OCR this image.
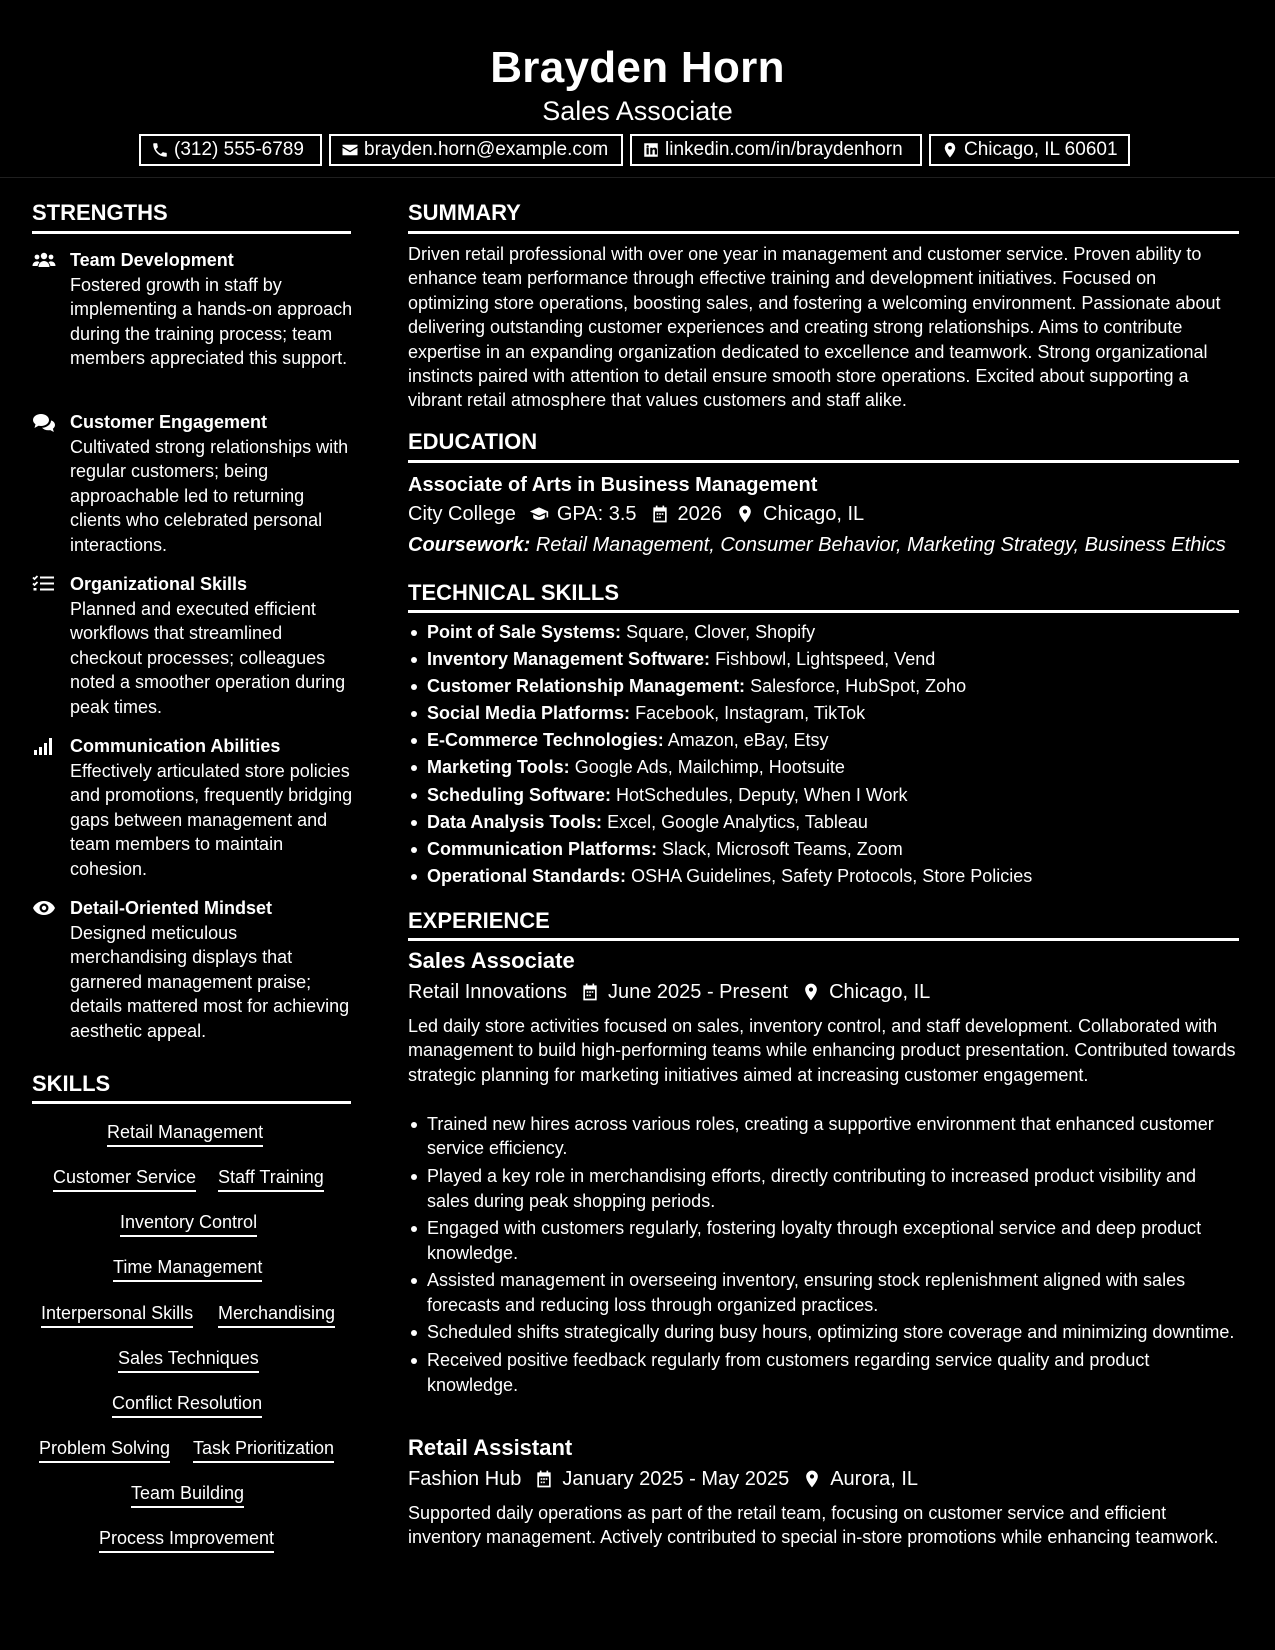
Brayden Horn
Sales Associate
(312) 555-6789	brayden.horn@example.com	linkedin.com/in/braydenhorn	Chicago, IL 60601
STRENGTHS
Team Development
Fostered growth in staff by implementing a hands-on approach during the training process; team members appreciated this support.
Customer Engagement
Cultivated strong relationships with regular customers; being approachable led to returning clients who celebrated personal interactions.
Organizational Skills
Planned and executed efficient workflows that streamlined checkout processes; colleagues noted a smoother operation during peak times.
Communication Abilities
Effectively articulated store policies and promotions, frequently bridging gaps between management and team members to maintain cohesion.
Detail-Oriented Mindset
Designed meticulous merchandising displays that garnered management praise; details mattered most for achieving aesthetic appeal.
SKILLS
Retail Management
Customer Service Staff Training
Inventory Control
Time Management
Interpersonal Skills Merchandising
Sales Techniques
Conflict Resolution
Problem Solving Task Prioritization
Team Building
Process Improvement
SUMMARY
Driven retail professional with over one year in management and customer service. Proven ability to enhance team performance through effective training and development initiatives. Focused on optimizing store operations, boosting sales, and fostering a welcoming environment. Passionate about delivering outstanding customer experiences and creating strong relationships. Aims to contribute expertise in an expanding organization dedicated to excellence and teamwork. Strong organizational instincts paired with attention to detail ensure smooth store operations. Excited about supporting a vibrant retail atmosphere that values customers and staff alike.
EDUCATION
Associate of Arts in Business Management
City College GPA: 3.5 2026 Chicago, IL
Coursework: Retail Management, Consumer Behavior, Marketing Strategy, Business Ethics
TECHNICAL SKILLS
Point of Sale Systems: Square, Clover, Shopify
Inventory Management Software: Fishbowl, Lightspeed, Vend
Customer Relationship Management: Salesforce, HubSpot, Zoho
Social Media Platforms: Facebook, Instagram, TikTok
E-Commerce Technologies: Amazon, eBay, Etsy
Marketing Tools: Google Ads, Mailchimp, Hootsuite
Scheduling Software: HotSchedules, Deputy, When I Work
Data Analysis Tools: Excel, Google Analytics, Tableau
Communication Platforms: Slack, Microsoft Teams, Zoom
Operational Standards: OSHA Guidelines, Safety Protocols, Store Policies
EXPERIENCE
Sales Associate
Retail Innovations June 2025 - Present Chicago, IL
Led daily store activities focused on sales, inventory control, and staff development. Collaborated with management to build high-performing teams while enhancing product presentation. Contributed towards strategic planning for marketing initiatives aimed at increasing customer engagement.
Trained new hires across various roles, creating a supportive environment that enhanced customer service efficiency.
Played a key role in merchandising efforts, directly contributing to increased product visibility and sales during peak shopping periods.
Engaged with customers regularly, fostering loyalty through exceptional service and deep product knowledge.
Assisted management in overseeing inventory, ensuring stock replenishment aligned with sales forecasts and reducing loss through organized practices.
Scheduled shifts strategically during busy hours, optimizing store coverage and minimizing downtime.
Received positive feedback regularly from customers regarding service quality and product knowledge.
Retail Assistant
Fashion Hub January 2025 - May 2025 Aurora, IL
Supported daily operations as part of the retail team, focusing on customer service and efficient inventory management. Actively contributed to special in-store promotions while enhancing teamwork.
